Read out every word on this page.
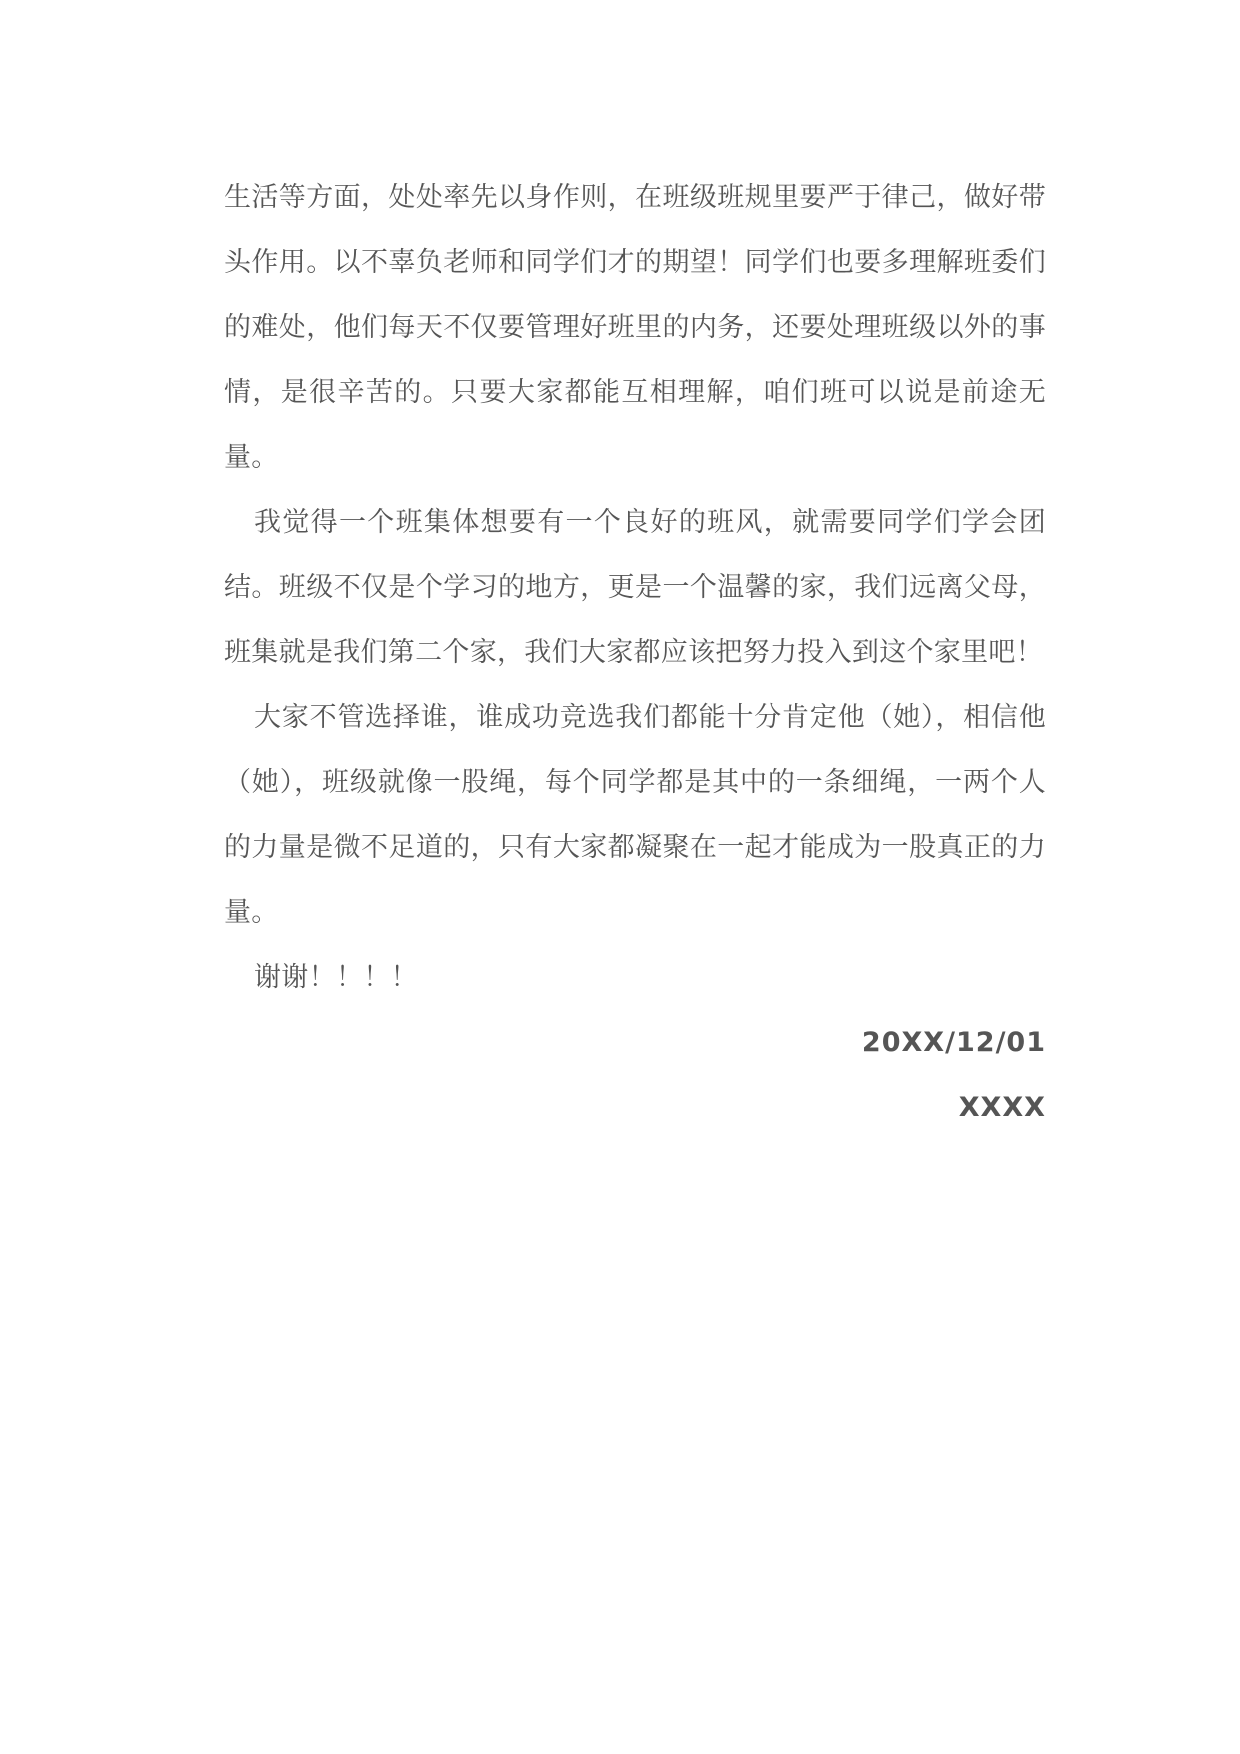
生活等方面，处处率先以身作则，在班级班规里要严于律己，做好带头作用。以不辜负老师和同学们才的期望！同学们也要多理解班委们的难处，他们每天不仅要管理好班里的内务，还要处理班级以外的事情，是很辛苦的。只要大家都能互相理解，咱们班可以说是前途无量。

我觉得一个班集体想要有一个良好的班风，就需要同学们学会团结。班级不仅是个学习的地方，更是一个温馨的家，我们远离父母，班集就是我们第二个家，我们大家都应该把努力投入到这个家里吧！

大家不管选择谁，谁成功竞选我们都能十分肯定他（她），相信他（她），班级就像一股绳，每个同学都是其中的一条细绳，一两个人的力量是微不足道的，只有大家都凝聚在一起才能成为一股真正的力量。

谢谢！！！！

20XX/12/01

XXXX
